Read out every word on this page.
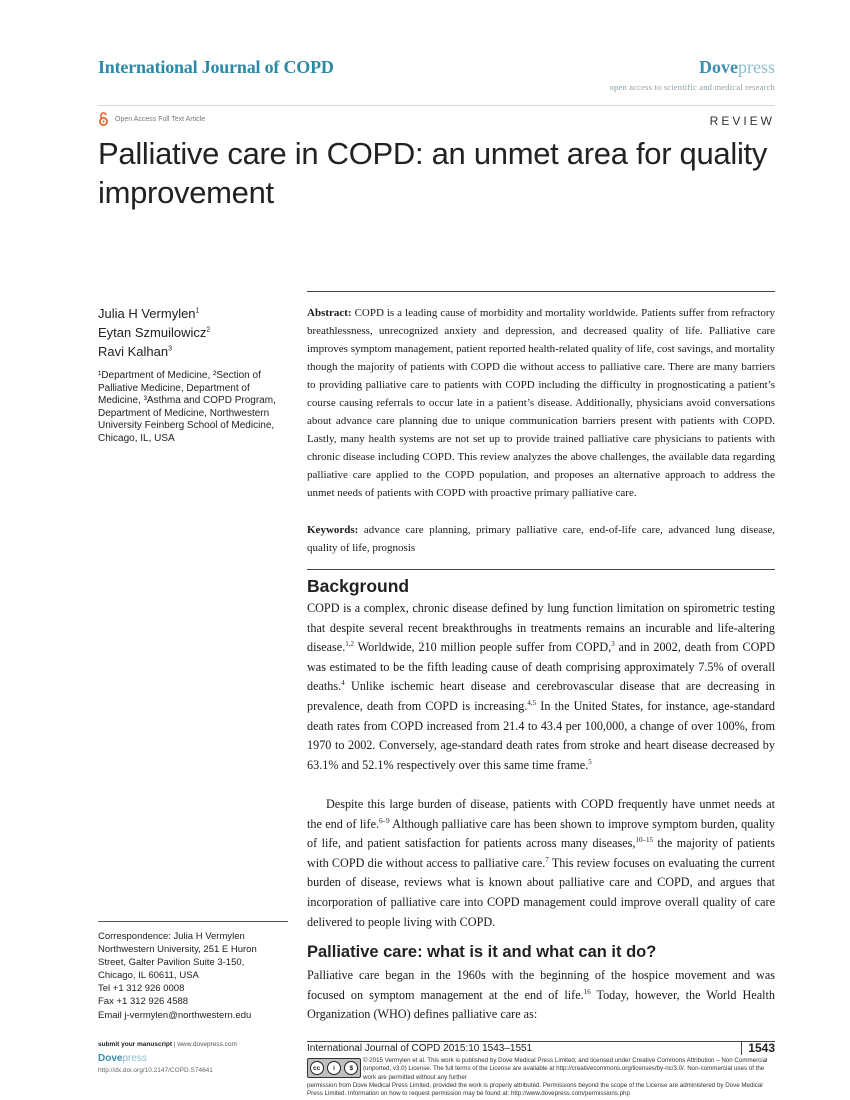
International Journal of COPD	Dovepress
open access to scientific and medical research
Open Access Full Text Article	REVIEW
Palliative care in COPD: an unmet area for quality improvement
Julia H Vermylen$^1$
Eytan Szmuilowicz$^2$
Ravi Kalhan$^3$
¹Department of Medicine, ²Section of Palliative Medicine, Department of Medicine, ³Asthma and COPD Program, Department of Medicine, Northwestern University Feinberg School of Medicine, Chicago, IL, USA
Correspondence: Julia H Vermylen
Northwestern University, 251 E Huron
Street, Galter Pavilion Suite 3-150,
Chicago, IL 60611, USA
Tel +1 312 926 0008
Fax +1 312 926 4588
Email j-vermylen@northwestern.edu

Abstract: COPD is a leading cause of morbidity and mortality worldwide. Patients suffer from refractory breathlessness, unrecognized anxiety and depression, and decreased quality of life. Palliative care improves symptom management, patient reported health-related quality of life, cost savings, and mortality though the majority of patients with COPD die without access to palliative care. There are many barriers to providing palliative care to patients with COPD including the difficulty in prognosticating a patient’s course causing referrals to occur late in a patient’s disease. Additionally, physicians avoid conversations about advance care planning due to unique communication barriers present with patients with COPD. Lastly, many health systems are not set up to provide trained palliative care physicians to patients with chronic disease including COPD. This review analyzes the above challenges, the available data regarding palliative care applied to the COPD population, and proposes an alternative approach to address the unmet needs of patients with COPD with proactive primary palliative care.

Keywords: advance care planning, primary palliative care, end-of-life care, advanced lung disease, quality of life, prognosis

Background

COPD is a complex, chronic disease defined by lung function limitation on spirometric testing that despite several recent breakthroughs in treatments remains an incurable and life-altering disease.$^{1,2}$ Worldwide, 210 million people suffer from COPD,$^3$ and in 2002, death from COPD was estimated to be the fifth leading cause of death comprising approximately 7.5% of overall deaths.$^4$ Unlike ischemic heart disease and cerebrovascular disease that are decreasing in prevalence, death from COPD is increasing.$^{4,5}$ In the United States, for instance, age-standard death rates from COPD increased from 21.4 to 43.4 per 100,000, a change of over 100%, from 1970 to 2002. Conversely, age-standard death rates from stroke and heart disease decreased by 63.1% and 52.1% respectively over this same time frame.$^5$

Despite this large burden of disease, patients with COPD frequently have unmet needs at the end of life.$^{6-9}$ Although palliative care has been shown to improve symptom burden, quality of life, and patient satisfaction for patients across many diseases,$^{10-15}$ the majority of patients with COPD die without access to palliative care.$^7$ This review focuses on evaluating the current burden of disease, reviews what is known about palliative care and COPD, and argues that incorporation of palliative care into COPD management could improve overall quality of care delivered to people living with COPD.

Palliative care: what is it and what can it do?

Palliative care began in the 1960s with the beginning of the hospice movement and was focused on symptom management at the end of life.$^{16}$ Today, however, the World Health Organization (WHO) defines palliative care as:

submit your manuscript | www.dovepress.com
Dovepress
http://dx.doi.org/10.2147/COPD.S74641
International Journal of COPD 2015:10 1543–1551	1543
cc	i	$
© 2015 Vermylen et al. This work is published by Dove Medical Press Limited, and licensed under Creative Commons Attribution – Non Commercial (unported, v3.0) License. The full terms of the License are available at http://creativecommons.org/licenses/by-nc/3.0/. Non-commercial uses of the work are permitted without any further
permission from Dove Medical Press Limited, provided the work is properly attributed. Permissions beyond the scope of the License are administered by Dove Medical Press Limited. Information on how to request permission may be found at: http://www.dovepress.com/permissions.php
